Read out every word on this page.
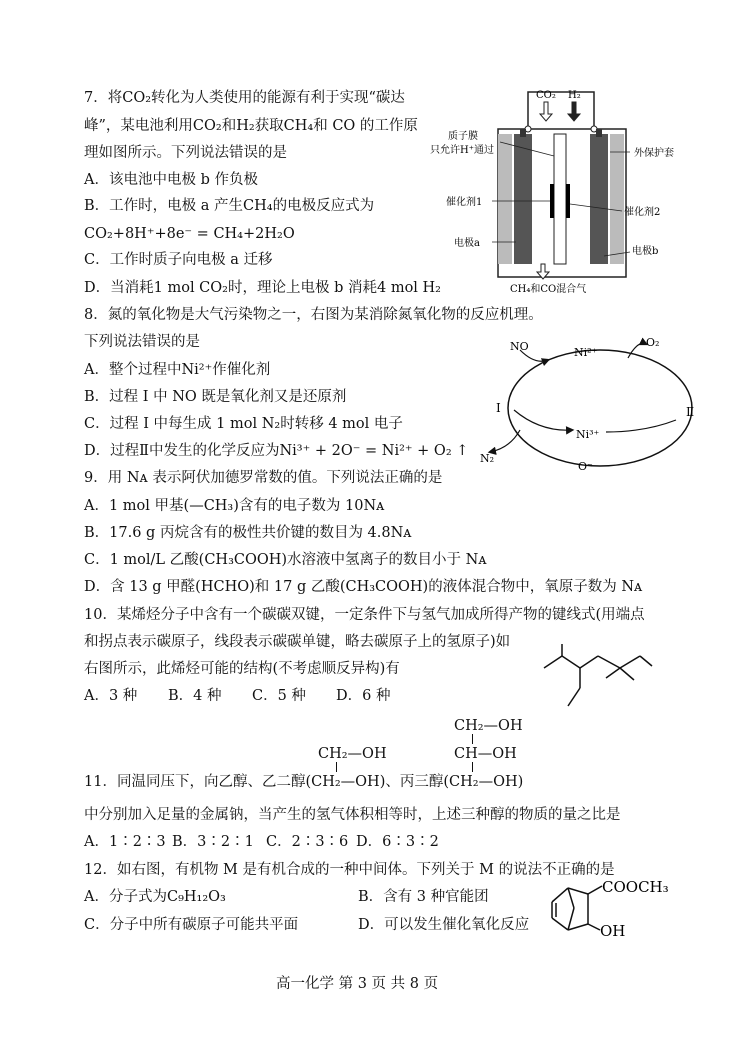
7．将CO₂转化为人类使用的能源有利于实现“碳达
峰”，某电池利用CO₂和H₂获取CH₄和 CO 的工作原
理如图所示。下列说法错误的是
A．该电池中电极 b 作负极
B．工作时，电极 a 产生CH₄的电极反应式为
CO₂+8H⁺+8e⁻ = CH₄+2H₂O
C．工作时质子向电极 a 迁移
D．当消耗1 mol CO₂时，理论上电极 b 消耗4 mol H₂
CO₂ H₂
质子膜
只允许H⁺通过
催化剂1
电极a
外保护套
催化剂2
电极b
CH₄和CO混合气
8．氮的氧化物是大气污染物之一，右图为某消除氮氧化物的反应机理。
下列说法错误的是
A．整个过程中Ni²⁺作催化剂
B．过程 I 中 NO 既是氧化剂又是还原剂
C．过程 I 中每生成 1 mol N₂时转移 4 mol 电子
D．过程Ⅱ中发生的化学反应为Ni³⁺ + 2O⁻ = Ni²⁺ + O₂ ↑
NO	Ni²⁺
O₂
I	Ⅱ
Ni³⁺
N₂
O⁻
9．用 Nᴀ 表示阿伏加德罗常数的值。下列说法正确的是
A．1 mol 甲基(—CH₃)含有的电子数为 10Nᴀ
B．17.6 g 丙烷含有的极性共价键的数目为 4.8Nᴀ
C．1 mol/L 乙酸(CH₃COOH)水溶液中氢离子的数目小于 Nᴀ
D．含 13 g 甲醛(HCHO)和 17 g 乙酸(CH₃COOH)的液体混合物中，氧原子数为 Nᴀ
10．某烯烃分子中含有一个碳碳双键，一定条件下与氢气加成所得产物的键线式(用端点
和拐点表示碳原子，线段表示碳碳单键，略去碳原子上的氢原子)如
右图所示，此烯烃可能的结构(不考虑顺反异构)有
A．3 种 B．4 种 C．5 种 D．6 种
CH₂—OH
CH₂—OH
CH—OH
11．同温同压下，向乙醇、乙二醇(CH₂—OH)、丙三醇(CH₂—OH)
中分别加入足量的金属钠，当产生的氢气体积相等时，上述三种醇的物质的量之比是
A．1∶2∶3 B．3∶2∶1 C．2∶3∶6 D．6∶3∶2
12．如右图，有机物 M 是有机合成的一种中间体。下列关于 M 的说法不正确的是
A．分子式为C₉H₁₂O₃	B．含有 3 种官能团
C．分子中所有碳原子可能共平面	D．可以发生催化氧化反应
COOCH₃
OH
高一化学 第 3 页 共 8 页
